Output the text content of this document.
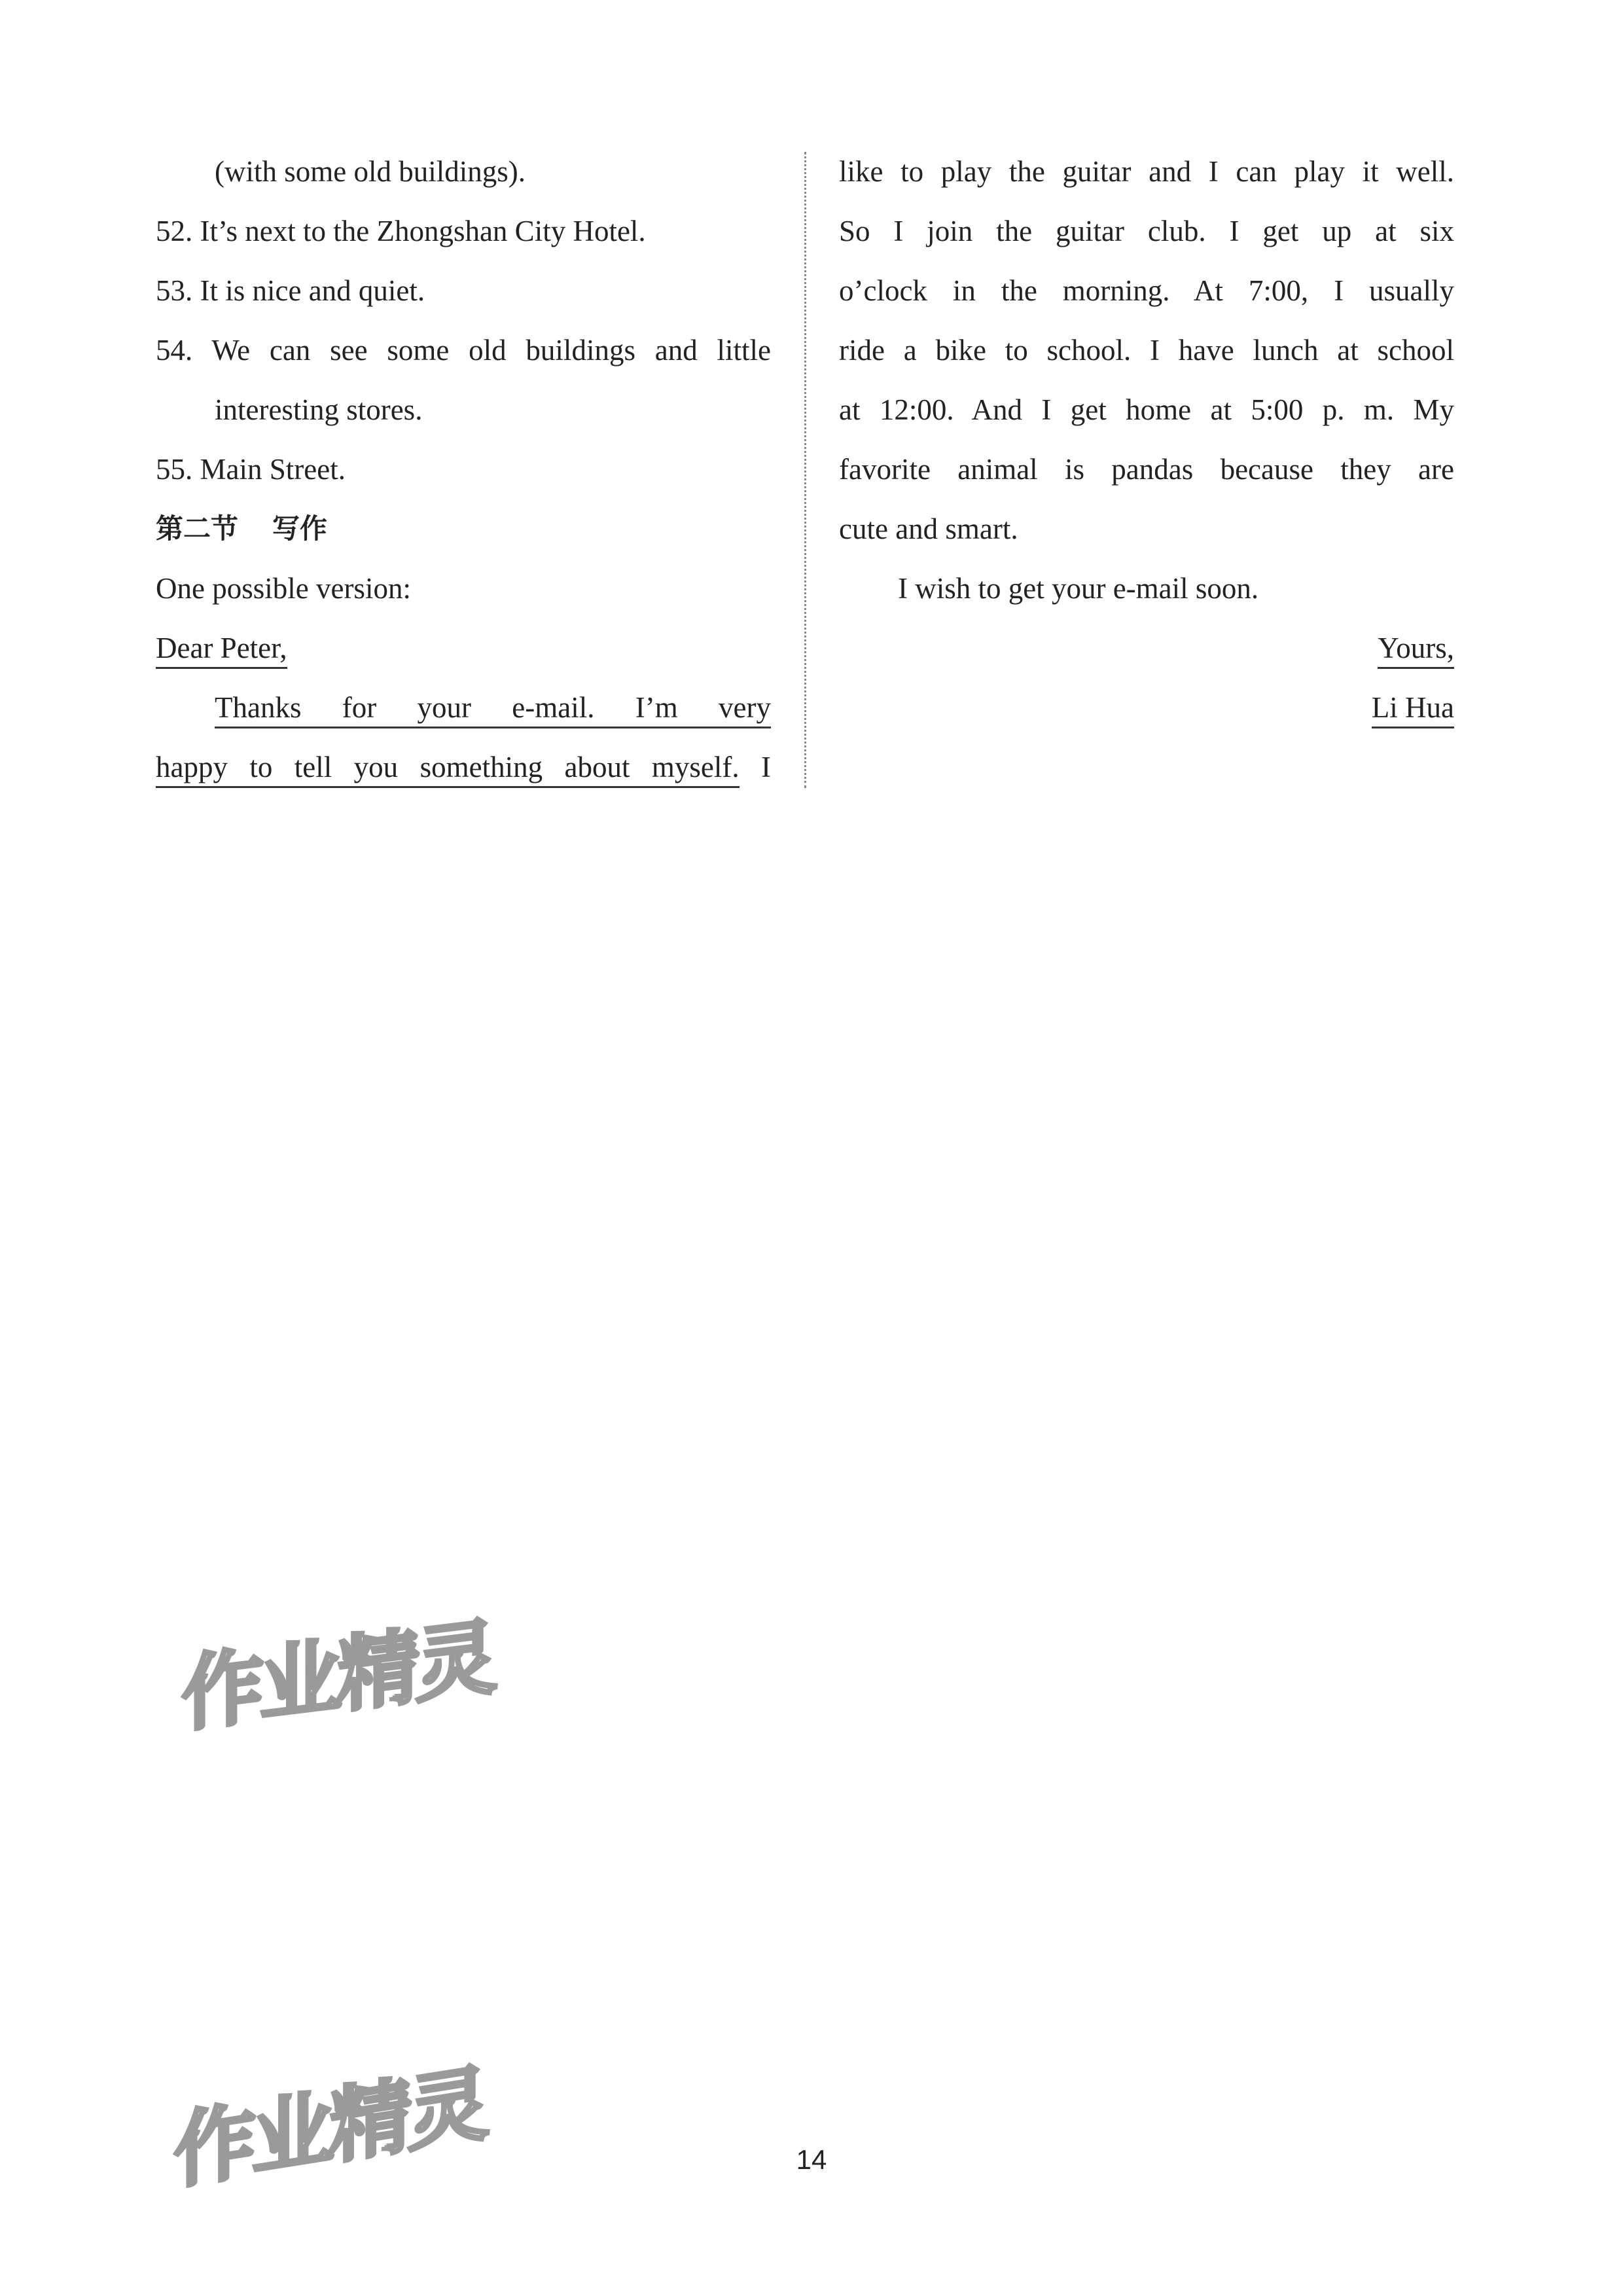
(with some old buildings).
52. It’s next to the Zhongshan City Hotel.
53. It is nice and quiet.
54. We can see some old buildings and little
interesting stores.
55. Main Street.
第二节 写作
One possible version:
Dear Peter,
Thanks for your e-mail. I’m very
happy to tell you something about myself. I
like to play the guitar and I can play it well.
So I join the guitar club. I get up at six
o’clock in the morning. At 7:00, I usually
ride a bike to school. I have lunch at school
at 12:00. And I get home at 5:00 p. m. My
favorite animal is pandas because they are
cute and smart.
I wish to get your e-mail soon.
Yours,
Li Hua
作业精灵
作业精灵	14
